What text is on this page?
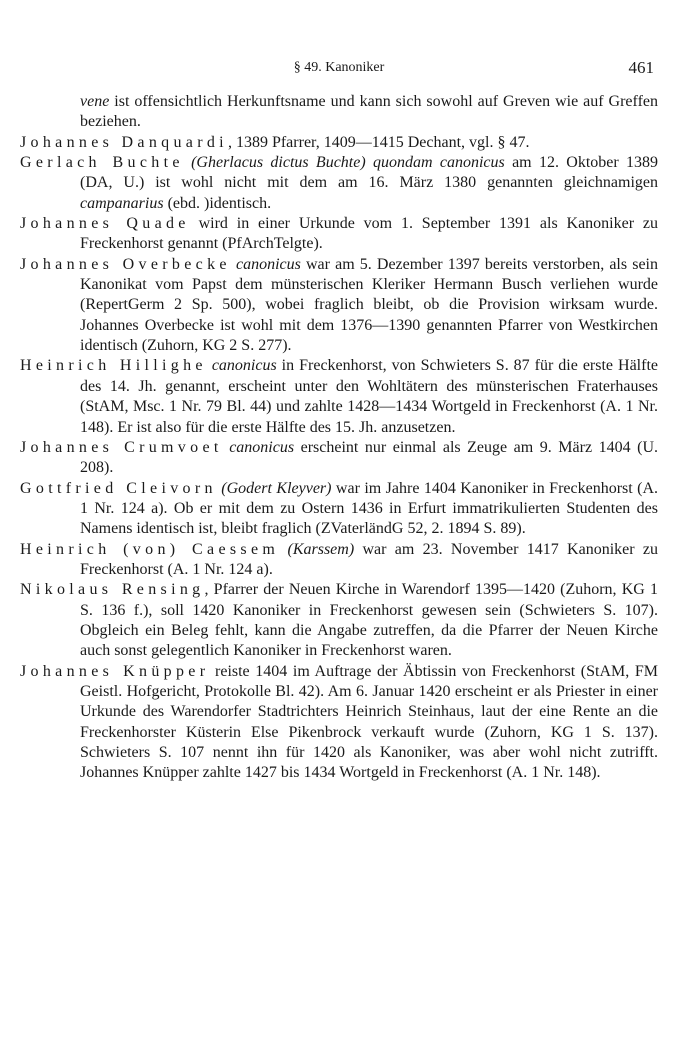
§ 49. Kanoniker	461

vene ist offensichtlich Herkunftsname und kann sich sowohl auf Greven wie auf Greffen beziehen.

Johannes Danquardi, 1389 Pfarrer, 1409—1415 Dechant, vgl. § 47.

Gerlach Buchte (Gherlacus dictus Buchte) quondam canonicus am 12. Oktober 1389 (DA, U.) ist wohl nicht mit dem am 16. März 1380 genannten gleichnamigen campanarius (ebd. )identisch.

Johannes Quade wird in einer Urkunde vom 1. September 1391 als Kanoniker zu Freckenhorst genannt (PfArchTelgte).

Johannes Overbecke canonicus war am 5. Dezember 1397 bereits verstorben, als sein Kanonikat vom Papst dem münsterischen Kleriker Hermann Busch verliehen wurde (RepertGerm 2 Sp. 500), wobei fraglich bleibt, ob die Provision wirksam wurde. Johannes Overbecke ist wohl mit dem 1376—1390 genannten Pfarrer von Westkirchen identisch (Zuhorn, KG 2 S. 277).

Heinrich Hillighe canonicus in Freckenhorst, von Schwieters S. 87 für die erste Hälfte des 14. Jh. genannt, erscheint unter den Wohltätern des münsterischen Fraterhauses (StAM, Msc. 1 Nr. 79 Bl. 44) und zahlte 1428—1434 Wortgeld in Freckenhorst (A. 1 Nr. 148). Er ist also für die erste Hälfte des 15. Jh. anzusetzen.

Johannes Crumvoet canonicus erscheint nur einmal als Zeuge am 9. März 1404 (U. 208).

Gottfried Cleivorn (Godert Kleyver) war im Jahre 1404 Kanoniker in Freckenhorst (A. 1 Nr. 124 a). Ob er mit dem zu Ostern 1436 in Erfurt immatrikulierten Studenten des Namens identisch ist, bleibt fraglich (ZVaterländG 52, 2. 1894 S. 89).

Heinrich (von) Caessem (Karssem) war am 23. November 1417 Kanoniker zu Freckenhorst (A. 1 Nr. 124 a).

Nikolaus Rensing, Pfarrer der Neuen Kirche in Warendorf 1395—1420 (Zuhorn, KG 1 S. 136 f.), soll 1420 Kanoniker in Freckenhorst gewesen sein (Schwieters S. 107). Obgleich ein Beleg fehlt, kann die Angabe zutreffen, da die Pfarrer der Neuen Kirche auch sonst gelegentlich Kanoniker in Freckenhorst waren.

Johannes Knüpper reiste 1404 im Auftrage der Äbtissin von Freckenhorst (StAM, FM Geistl. Hofgericht, Protokolle Bl. 42). Am 6. Januar 1420 erscheint er als Priester in einer Urkunde des Warendorfer Stadtrichters Heinrich Steinhaus, laut der eine Rente an die Freckenhorster Küsterin Else Pikenbrock verkauft wurde (Zuhorn, KG 1 S. 137). Schwieters S. 107 nennt ihn für 1420 als Kanoniker, was aber wohl nicht zutrifft. Johannes Knüpper zahlte 1427 bis 1434 Wortgeld in Freckenhorst (A. 1 Nr. 148).
